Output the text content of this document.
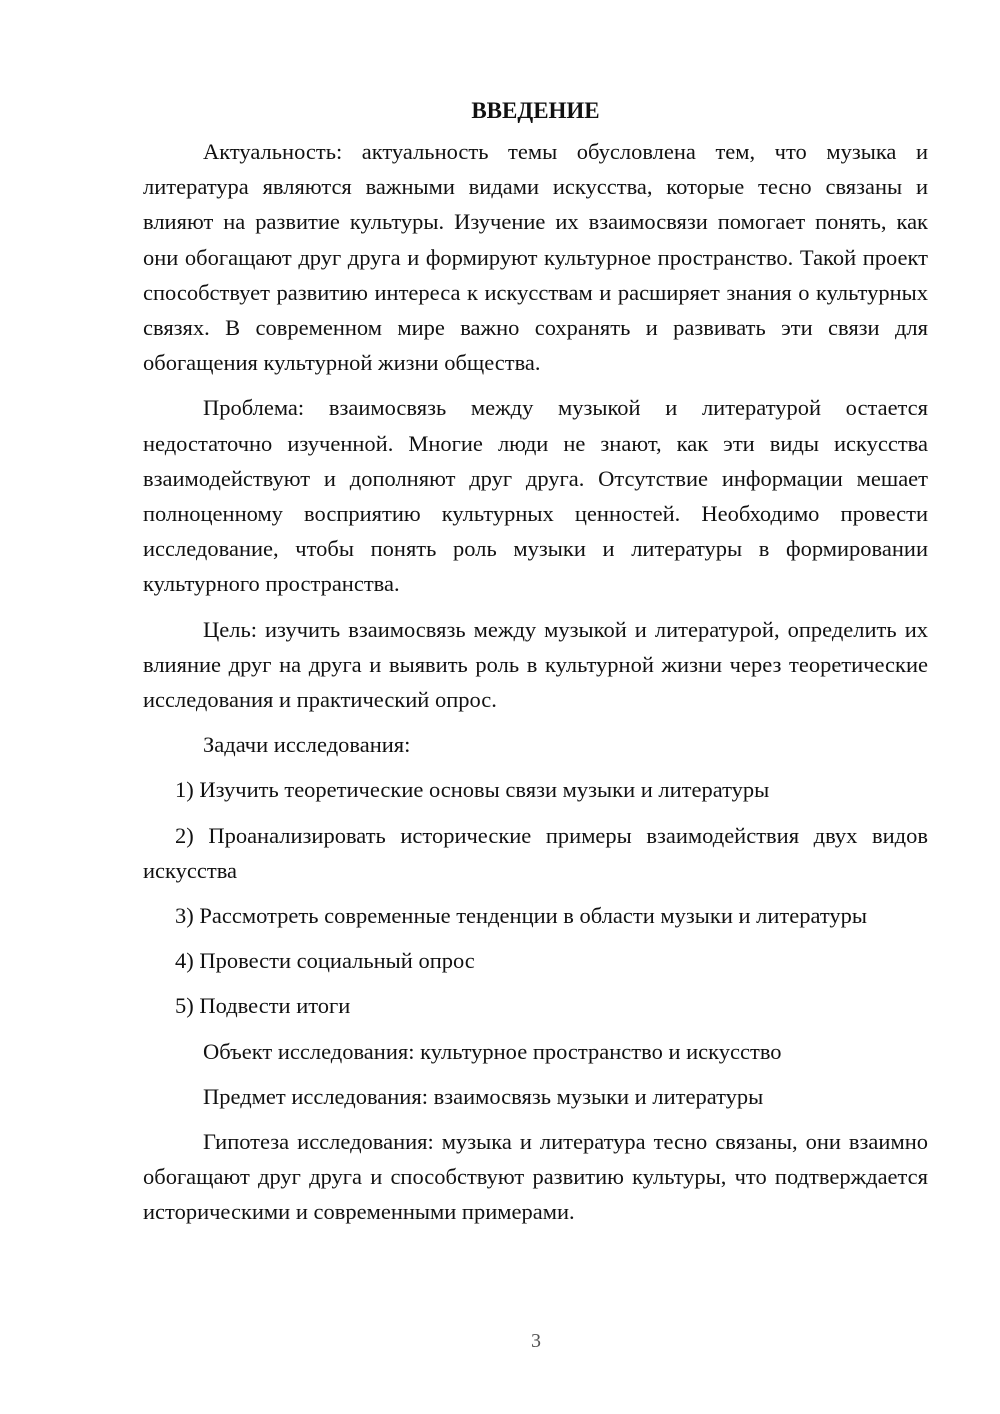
ВВЕДЕНИЕ

Актуальность: актуальность темы обусловлена тем, что музыка и литература являются важными видами искусства, которые тесно связаны и влияют на развитие культуры. Изучение их взаимосвязи помогает понять, как они обогащают друг друга и формируют культурное пространство. Такой проект способствует развитию интереса к искусствам и расширяет знания о культурных связях. В современном мире важно сохранять и развивать эти связи для обогащения культурной жизни общества.

Проблема: взаимосвязь между музыкой и литературой остается недостаточно изученной. Многие люди не знают, как эти виды искусства взаимодействуют и дополняют друг друга. Отсутствие информации мешает полноценному восприятию культурных ценностей. Необходимо провести исследование, чтобы понять роль музыки и литературы в формировании культурного пространства.

Цель: изучить взаимосвязь между музыкой и литературой, определить их влияние друг на друга и выявить роль в культурной жизни через теоретические исследования и практический опрос.

Задачи исследования:

1) Изучить теоретические основы связи музыки и литературы

2) Проанализировать исторические примеры взаимодействия двух видов искусства

3) Рассмотреть современные тенденции в области музыки и литературы

4) Провести социальный опрос

5) Подвести итоги

Объект исследования: культурное пространство и искусство

Предмет исследования: взаимосвязь музыки и литературы

Гипотеза исследования: музыка и литература тесно связаны, они взаимно обогащают друг друга и способствуют развитию культуры, что подтверждается историческими и современными примерами.

3
